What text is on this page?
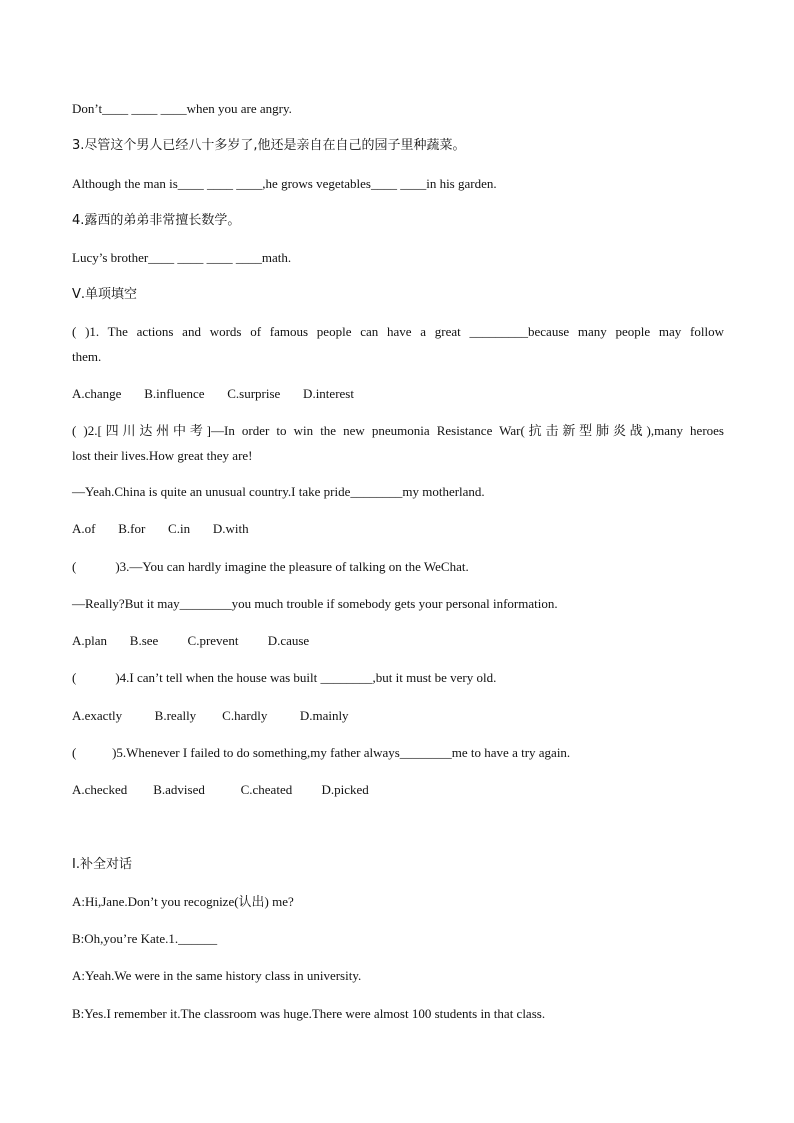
Don’t____ ____ ____when you are angry.
3.尽管这个男人已经八十多岁了,他还是亲自在自己的园子里种蔬菜。
Although the man is____ ____ ____,he grows vegetables____ ____in his garden.
4.露西的弟弟非常擅长数学。
Lucy’s brother____ ____ ____ ____math.
Ⅴ.单项填空
( )1. The actions and words of famous people can have a great _________because many people may follow
them.
A.change       B.influence       C.surprise       D.interest
( )2.[四川达州中考]—In order to win the new pneumonia Resistance War(抗击新型肺炎战),many heroes
lost their lives.How great they are!
—Yeah.China is quite an unusual country.I take pride________my motherland.
A.of       B.for       C.in       D.with
(            )3.—You can hardly imagine the pleasure of talking on the WeChat.
—Really?But it may________you much trouble if somebody gets your personal information.
A.plan       B.see         C.prevent         D.cause
(            )4.I can’t tell when the house was built ________,but it must be very old.
A.exactly          B.really        C.hardly          D.mainly
(           )5.Whenever I failed to do something,my father always________me to have a try again.
A.checked        B.advised           C.cheated         D.picked
Ⅰ.补全对话
A:Hi,Jane.Don’t you recognize(认出) me?
B:Oh,you’re Kate.1.______
A:Yeah.We were in the same history class in university.
B:Yes.I remember it.The classroom was huge.There were almost 100 students in that class.
